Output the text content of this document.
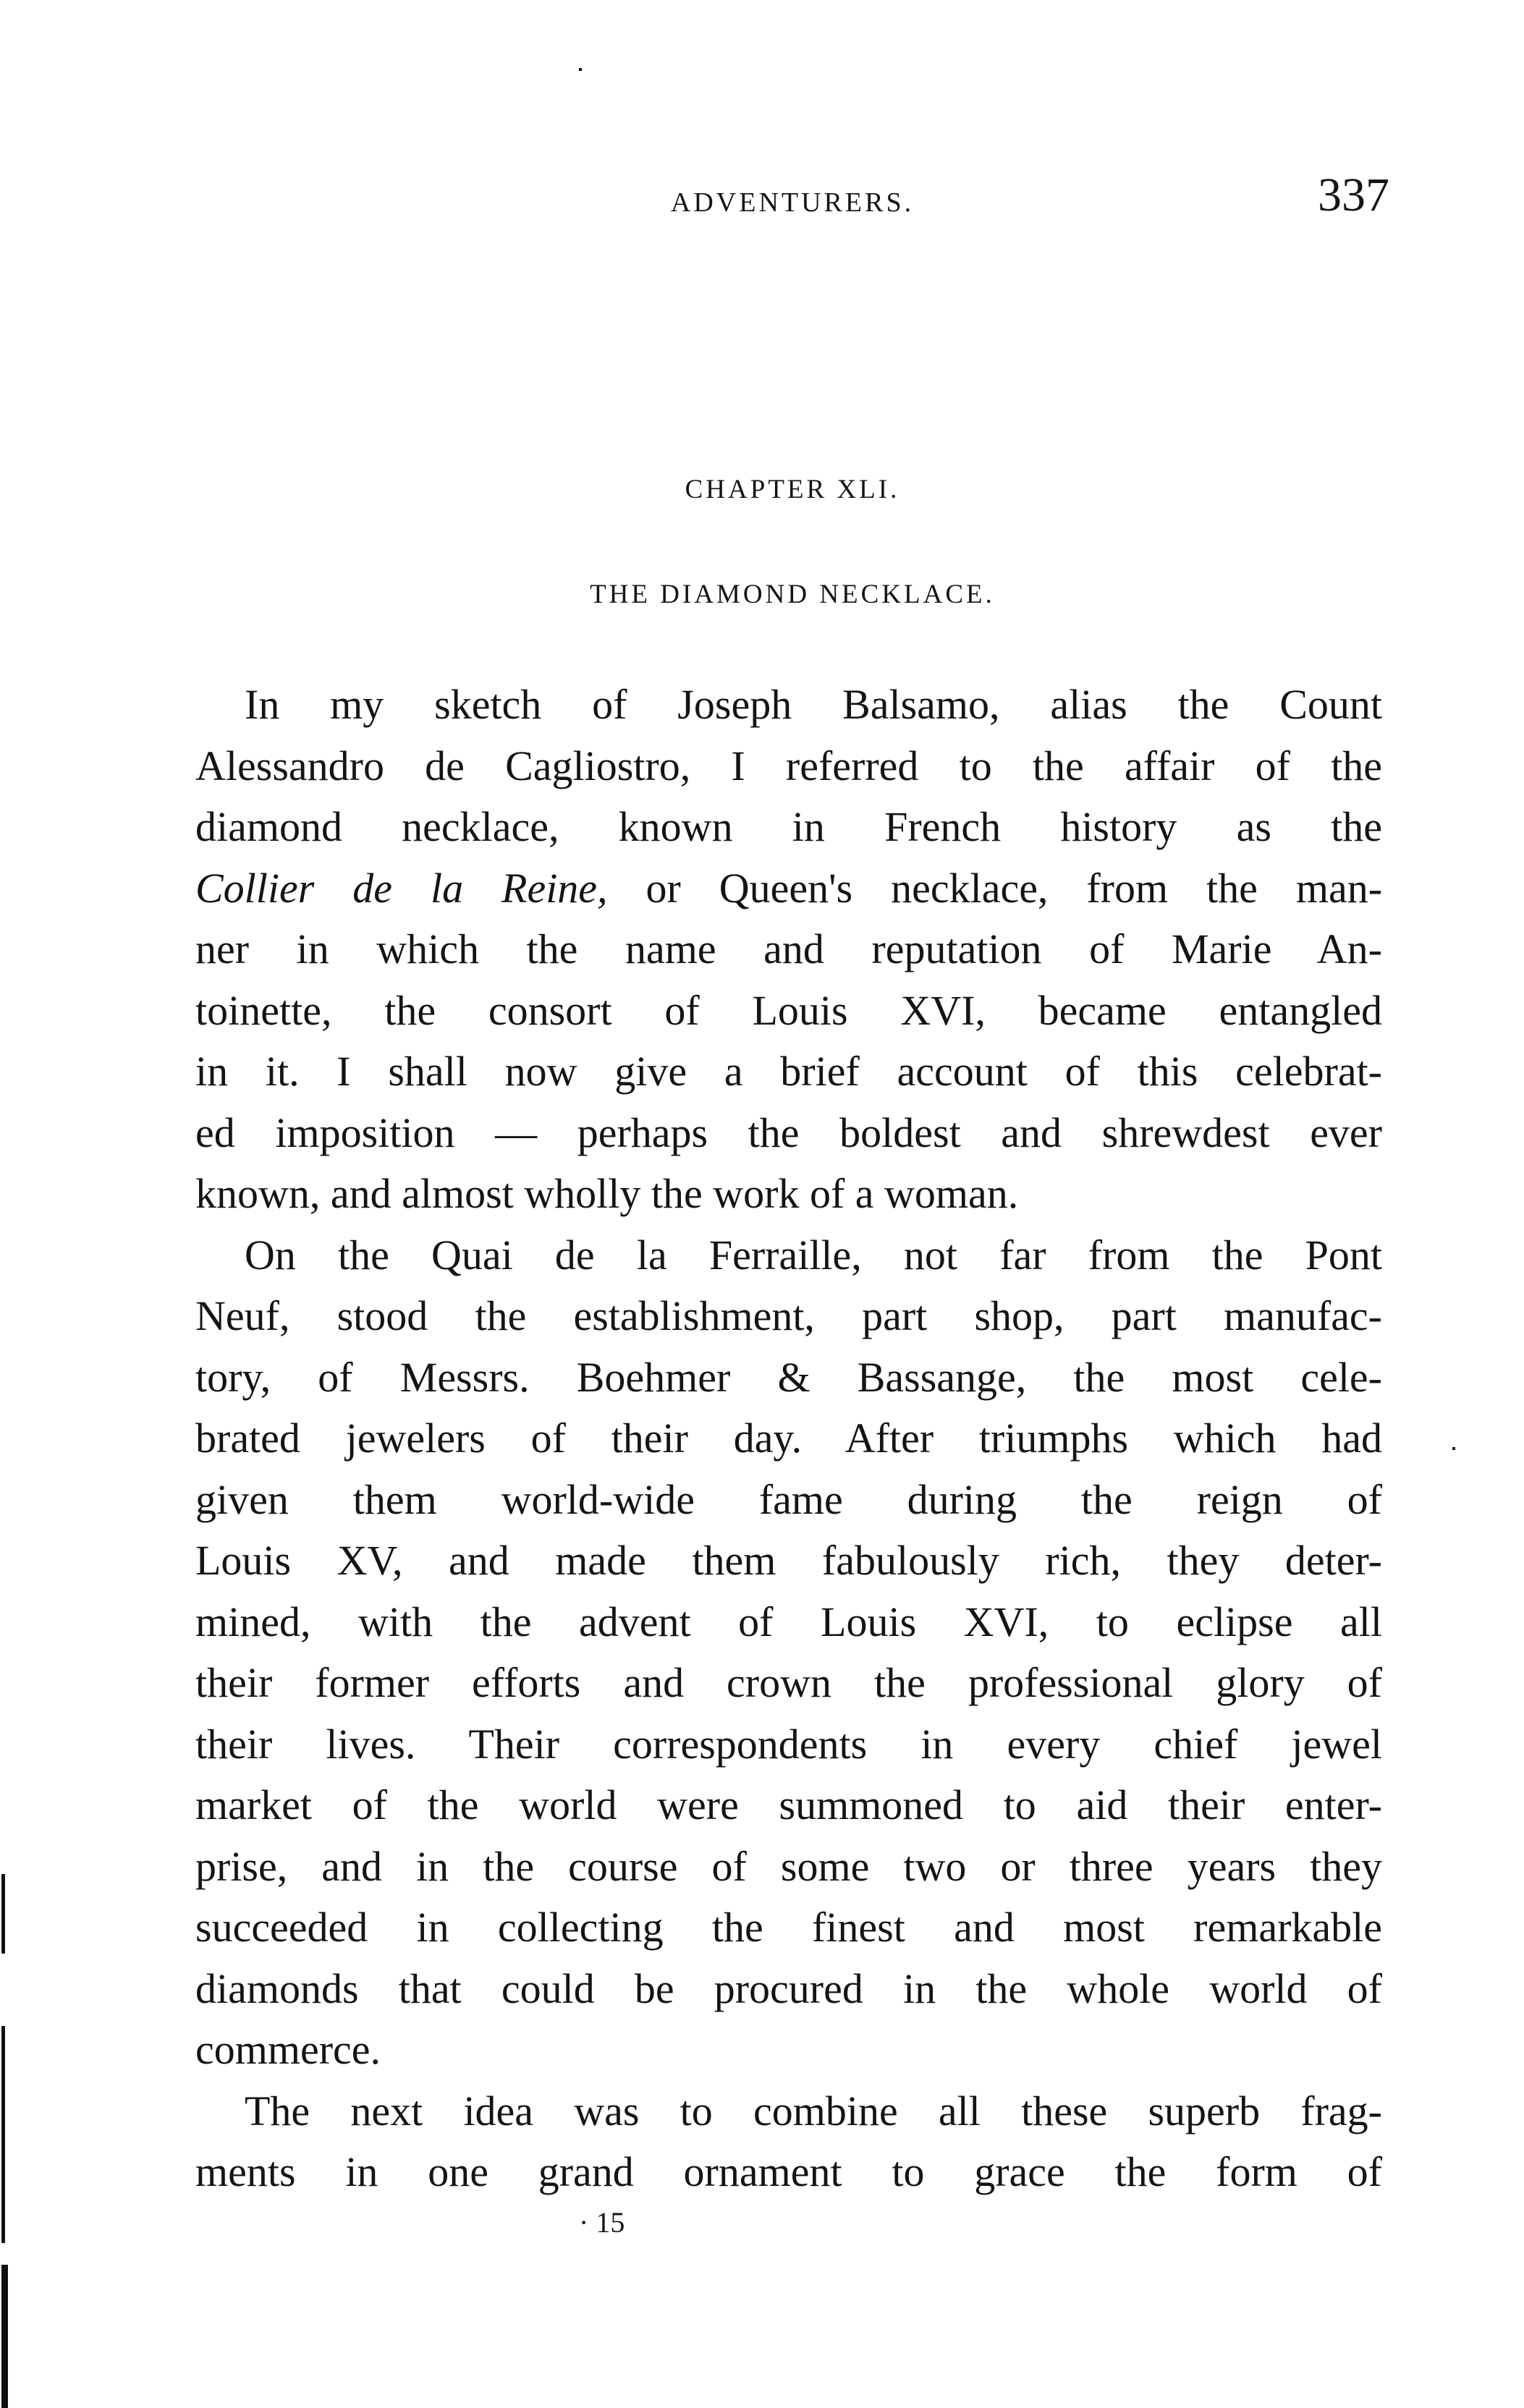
ADVENTURERS.	337
CHAPTER XLI.
THE DIAMOND NECKLACE.
In my sketch of Joseph Balsamo, alias the Count
Alessandro de Cagliostro, I referred to the affair of the
diamond necklace, known in French history as the
Collier de la Reine, or Queen's necklace, from the man-
ner in which the name and reputation of Marie An-
toinette, the consort of Louis XVI, became entangled
in it. I shall now give a brief account of this celebrat-
ed imposition — perhaps the boldest and shrewdest ever
known, and almost wholly the work of a woman.
On the Quai de la Ferraille, not far from the Pont
Neuf, stood the establishment, part shop, part manufac-
tory, of Messrs. Boehmer & Bassange, the most cele-
brated jewelers of their day. After triumphs which had
given them world-wide fame during the reign of
Louis XV, and made them fabulously rich, they deter-
mined, with the advent of Louis XVI, to eclipse all
their former efforts and crown the professional glory of
their lives. Their correspondents in every chief jewel
market of the world were summoned to aid their enter-
prise, and in the course of some two or three years they
succeeded in collecting the finest and most remarkable
diamonds that could be procured in the whole world of
commerce.
The next idea was to combine all these superb frag-
ments in one grand ornament to grace the form of
· 15
